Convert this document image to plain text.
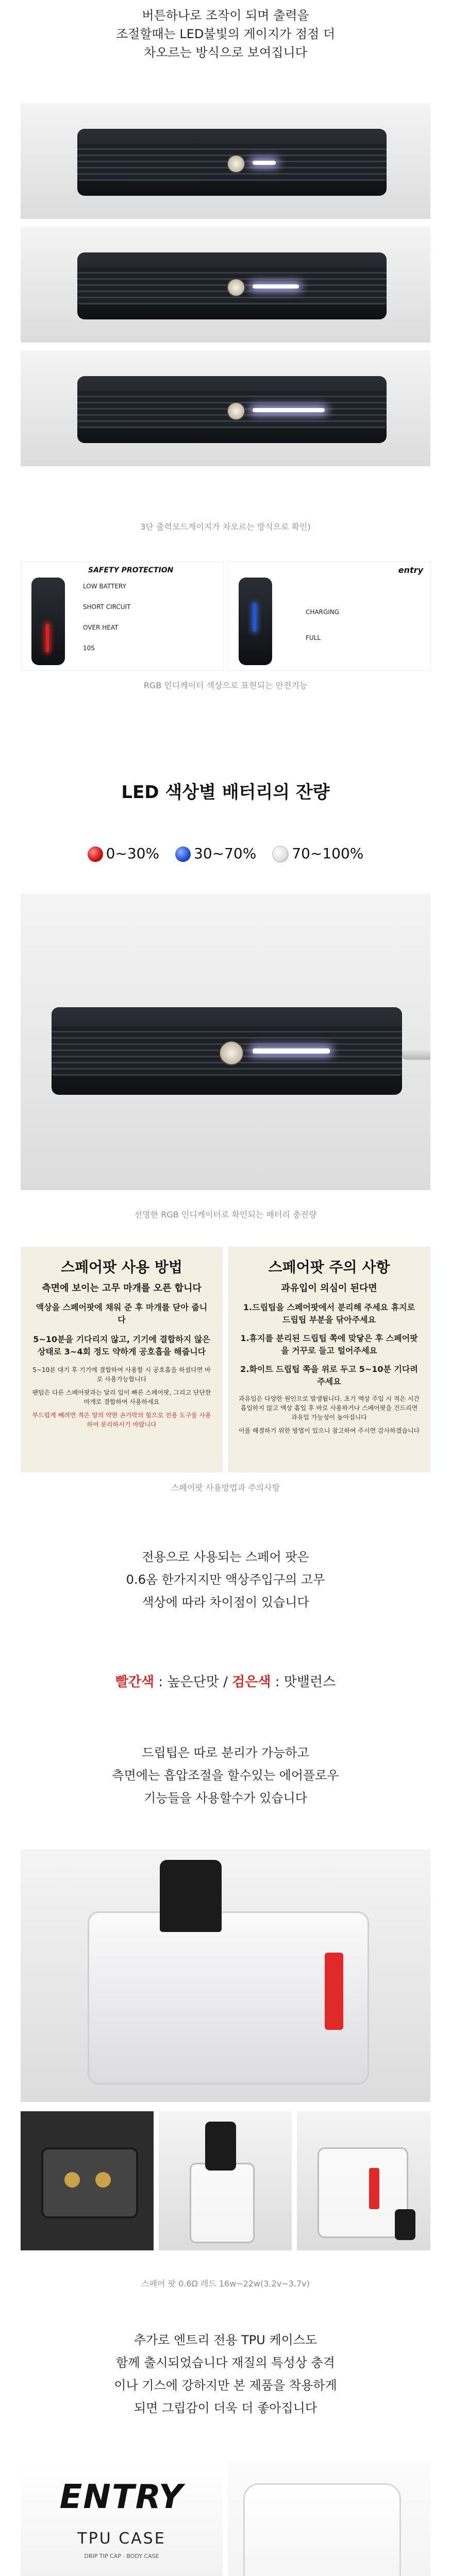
버튼하나로 조작이 되며 출력을
조절할때는 LED불빛의 게이지가 점점 더
차오르는 방식으로 보여집니다
3단 출력모드게이지가 차오르는 방식으로 확인)
SAFETY PROTECTION
LOW BATTERY
SHORT CIRCUIT
OVER HEAT
10S
entry
CHARGING
FULL
RGB 인디케이터 색상으로 표현되는 안전기능
LED 색상별 배터리의 잔량
0~30% 30~70% 70~100%
선명한 RGB 인디케이터로 확인되는 배터리 충전량
스페어팟 사용 방법
측면에 보이는 고무 마개를 오픈 합니다

액상을 스페어팟에 채워 준 후 마개를 닫아 줍니다

5~10분을 기다리지 않고, 기기에 결합하지 않은 상태로 3~4회 정도 약하게 공호흡을 해줍니다

5~10분 대기 후 기기에 결합하여 사용할 시 공호흡을 하셨다면 바로 사용가능합니다

팬텀은 다른 스페어팟과는 달리 입이 빠른 스페어팟, 그리고 단단한 마개로 결합하여 사용하세요

부드럽게 빼려면 적은 양의 약한 손가락의 힘으로 전용 도구를 사용하여 분리하시기 바랍니다

스페어팟 주의 사항
과유입이 의심이 된다면

1.드립팁을 스페어팟에서 분리해 주세요 휴지로 드립팁 부분을 닦아주세요

1.휴지를 분리된 드립팁 쪽에 맞닿은 후 스페어팟을 거꾸로 들고 털어주세요

2.화이트 드립팁 쪽을 위로 두고 5~10분 기다려주세요

과유입은 다양한 원인으로 발생됩니다. 초기 액상 주입 시 적은 시간 흡입하지 않고 액상 흡입 후 바로 사용하거나 스페어팟을 건드리면 과유입 가능성이 높아집니다

이를 해결하기 위한 방법이 있으니 참고하여 주시면 감사하겠습니다

스페어팟 사용방법과 주의사항
전용으로 사용되는 스페어 팟은
0.6옴 한가지지만 액상주입구의 고무
색상에 따라 차이점이 있습니다
빨간색 : 높은단맛 / 검은색 : 맛밸런스
드립팁은 따로 분리가 가능하고
측면에는 흡압조절을 할수있는 에어플로우
기능들을 사용할수가 있습니다
스페어 팟 0.6Ω 레드 16w~22w(3.2v~3.7v)
추가로 엔트리 전용 TPU 케이스도
함께 출시되었습니다 재질의 특성상 충격
이나 기스에 강하지만 본 제품을 착용하게
되면 그립감이 더욱 더 좋아집니다
ENTRY
TPU CASE
DRIP TIP CAP · BODY CASE
